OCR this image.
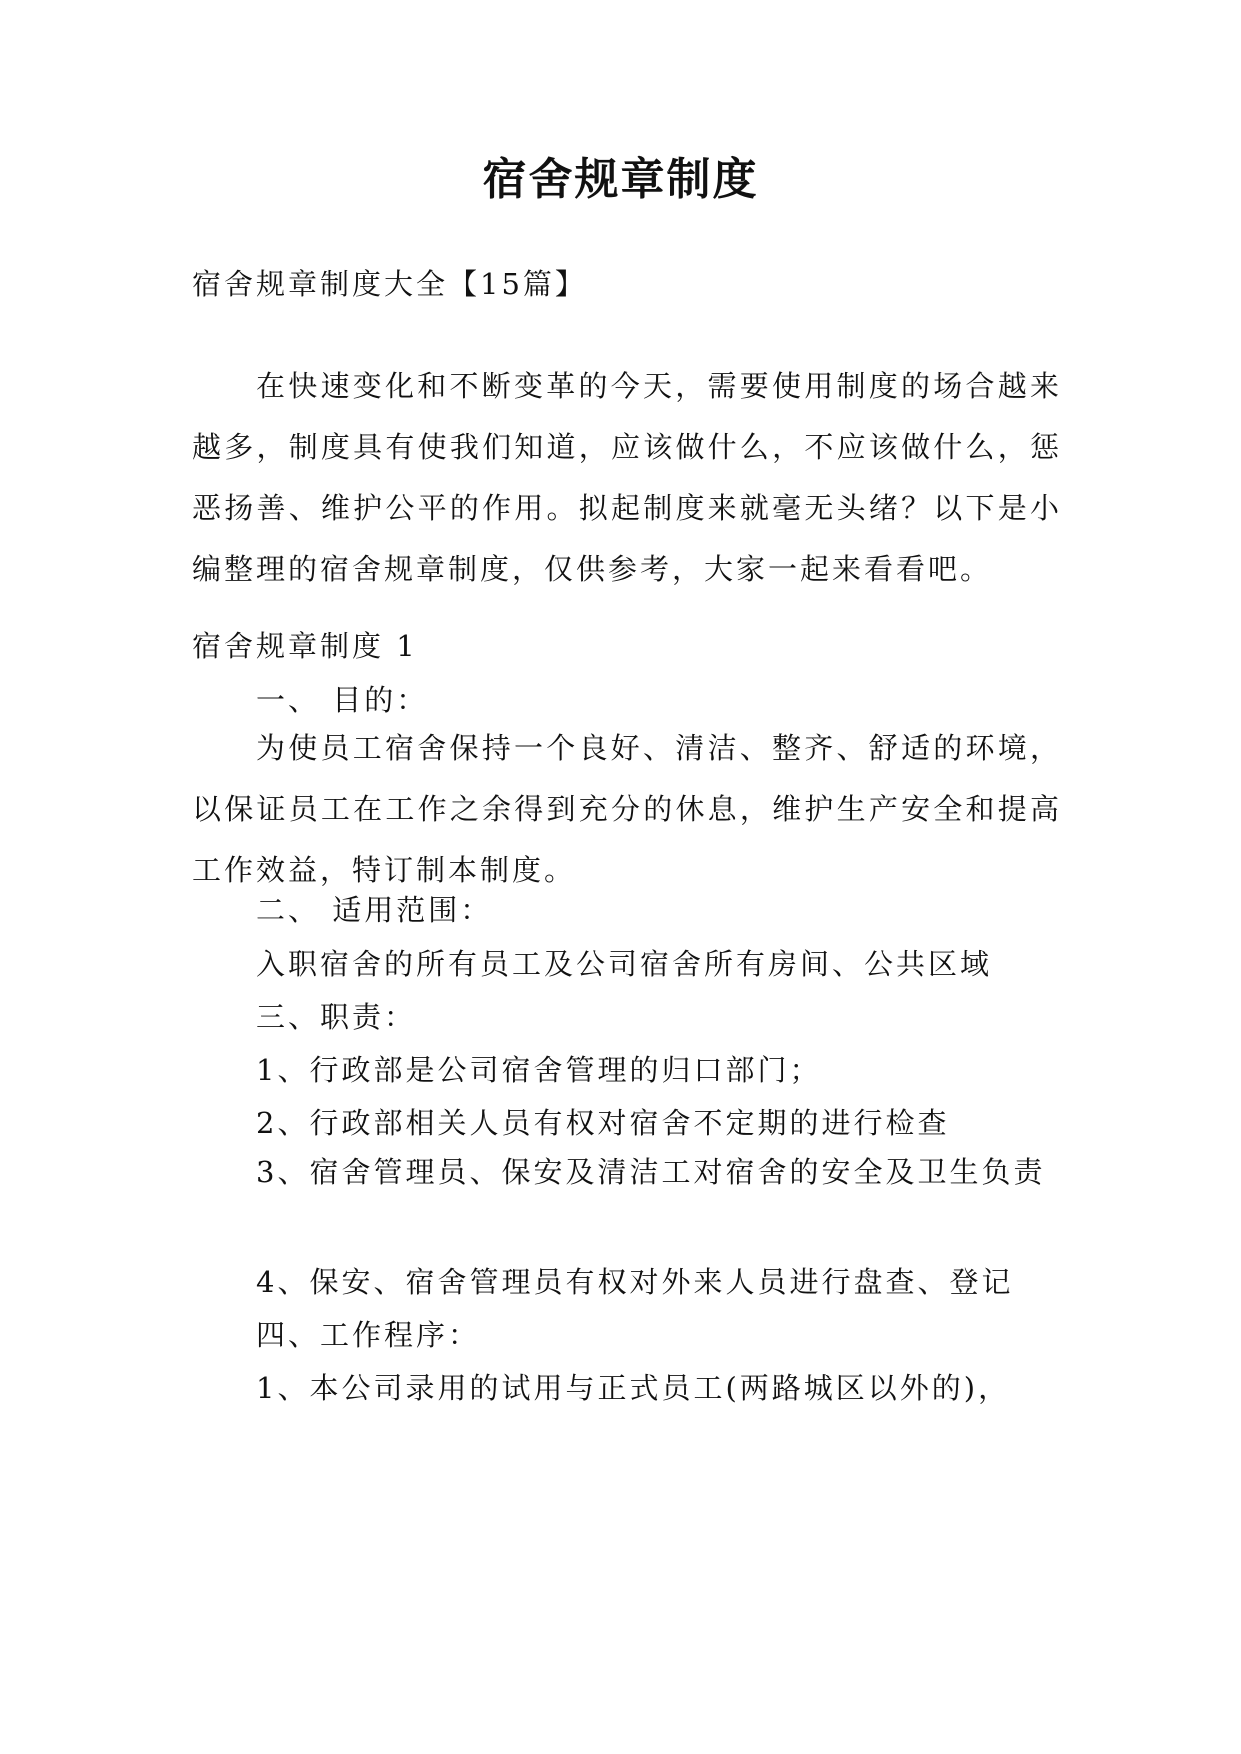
宿舍规章制度
宿舍规章制度大全【15篇】
在快速变化和不断变革的今天，需要使用制度的场合越来越多，制度具有使我们知道，应该做什么，不应该做什么，惩恶扬善、维护公平的作用。拟起制度来就毫无头绪？以下是小编整理的宿舍规章制度，仅供参考，大家一起来看看吧。
宿舍规章制度 1
一、 目的：
为使员工宿舍保持一个良好、清洁、整齐、舒适的环境，以保证员工在工作之余得到充分的休息，维护生产安全和提高工作效益，特订制本制度。
二、 适用范围：
入职宿舍的所有员工及公司宿舍所有房间、公共区域
三、职责：
1、行政部是公司宿舍管理的归口部门；
2、行政部相关人员有权对宿舍不定期的进行检查
3、宿舍管理员、保安及清洁工对宿舍的安全及卫生负责
4、保安、宿舍管理员有权对外来人员进行盘查、登记
四、工作程序：
1、本公司录用的试用与正式员工(两路城区以外的)，
